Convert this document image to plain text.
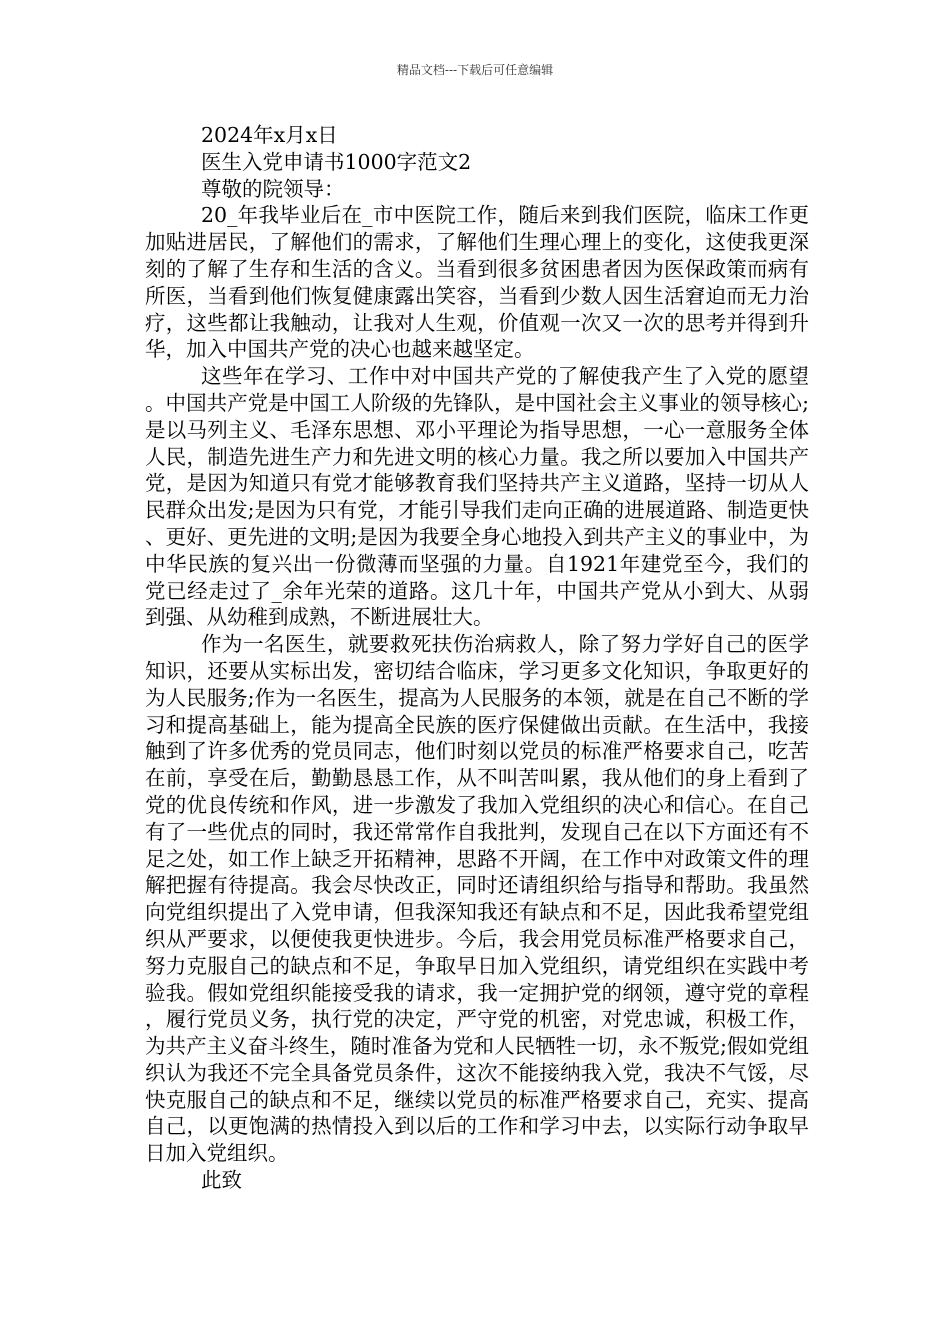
精品文档---下载后可任意编辑

2024年x月x日

医生入党申请书1000字范文2

尊敬的院领导：

20_年我毕业后在_市中医院工作，随后来到我们医院，临床工作更加贴进居民，了解他们的需求，了解他们生理心理上的变化，这使我更深刻的了解了生存和生活的含义。当看到很多贫困患者因为医保政策而病有所医，当看到他们恢复健康露出笑容，当看到少数人因生活窘迫而无力治疗，这些都让我触动，让我对人生观，价值观一次又一次的思考并得到升华，加入中国共产党的决心也越来越坚定。

这些年在学习、工作中对中国共产党的了解使我产生了入党的愿望。中国共产党是中国工人阶级的先锋队，是中国社会主义事业的领导核心;是以马列主义、毛泽东思想、邓小平理论为指导思想，一心一意服务全体人民，制造先进生产力和先进文明的核心力量。我之所以要加入中国共产党，是因为知道只有党才能够教育我们坚持共产主义道路，坚持一切从人民群众出发;是因为只有党，才能引导我们走向正确的进展道路、制造更快、更好、更先进的文明;是因为我要全身心地投入到共产主义的事业中，为中华民族的复兴出一份微薄而坚强的力量。自1921年建党至今，我们的党已经走过了_余年光荣的道路。这几十年，中国共产党从小到大、从弱到强、从幼稚到成熟，不断进展壮大。

作为一名医生，就要救死扶伤治病救人，除了努力学好自己的医学知识，还要从实标出发，密切结合临床，学习更多文化知识，争取更好的为人民服务;作为一名医生，提高为人民服务的本领，就是在自己不断的学习和提高基础上，能为提高全民族的医疗保健做出贡献。在生活中，我接触到了许多优秀的党员同志，他们时刻以党员的标准严格要求自己，吃苦在前，享受在后，勤勤恳恳工作，从不叫苦叫累，我从他们的身上看到了党的优良传统和作风，进一步激发了我加入党组织的决心和信心。在自己有了一些优点的同时，我还常常作自我批判，发现自己在以下方面还有不足之处，如工作上缺乏开拓精神，思路不开阔，在工作中对政策文件的理解把握有待提高。我会尽快改正，同时还请组织给与指导和帮助。我虽然向党组织提出了入党申请，但我深知我还有缺点和不足，因此我希望党组织从严要求，以便使我更快进步。今后，我会用党员标准严格要求自己，努力克服自己的缺点和不足，争取早日加入党组织，请党组织在实践中考验我。假如党组织能接受我的请求，我一定拥护党的纲领，遵守党的章程，履行党员义务，执行党的决定，严守党的机密，对党忠诚，积极工作，为共产主义奋斗终生，随时准备为党和人民牺牲一切，永不叛党;假如党组织认为我还不完全具备党员条件，这次不能接纳我入党，我决不气馁，尽快克服自己的缺点和不足，继续以党员的标准严格要求自己，充实、提高自己，以更饱满的热情投入到以后的工作和学习中去，以实际行动争取早日加入党组织。

此致
